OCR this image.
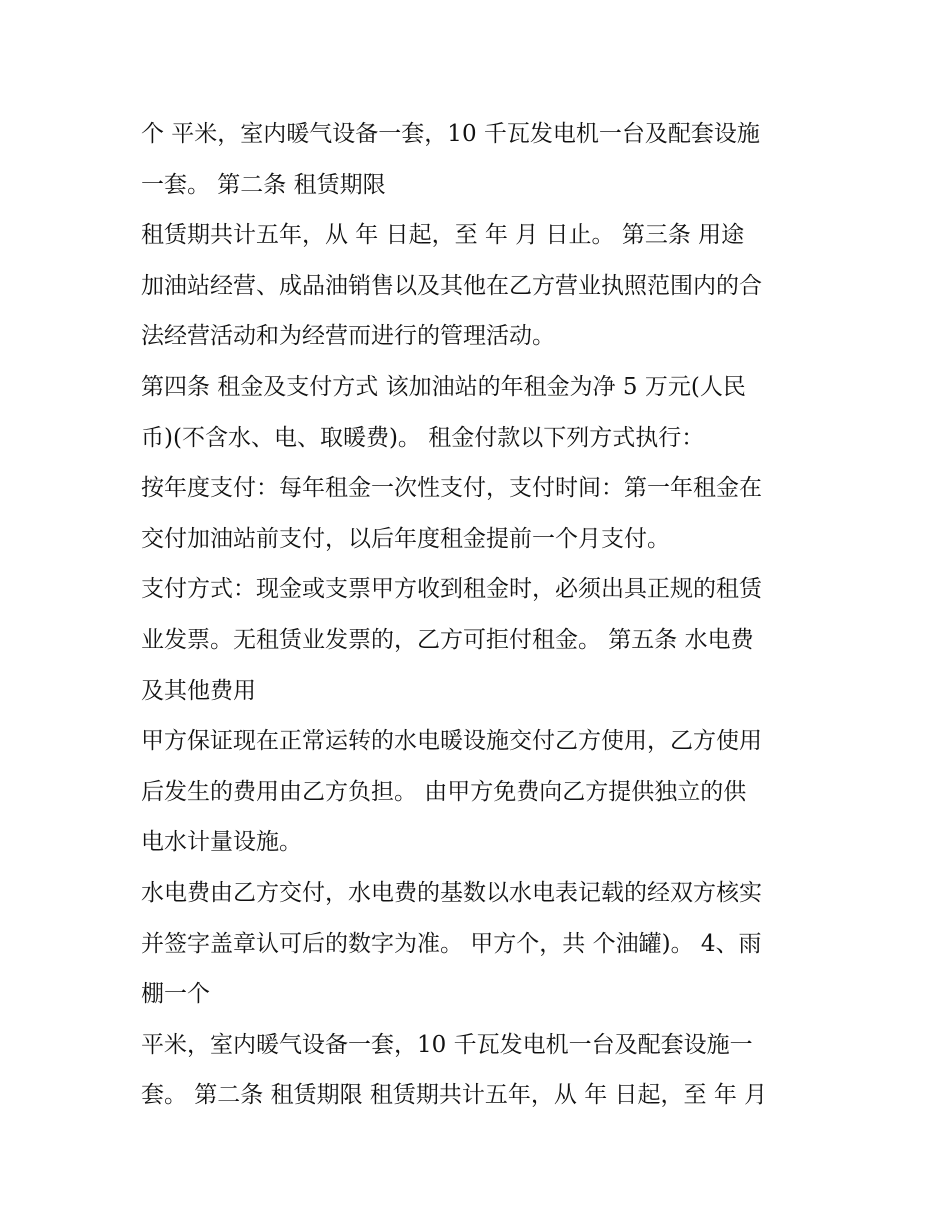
个 平米，室内暖气设备一套，10 千瓦发电机一台及配套设施
一套。 第二条 租赁期限
租赁期共计五年，从 年 日起，至 年 月 日止。 第三条 用途
加油站经营、成品油销售以及其他在乙方营业执照范围内的合
法经营活动和为经营而进行的管理活动。
第四条 租金及支付方式 该加油站的年租金为净 5 万元(人民
币)(不含水、电、取暖费)。 租金付款以下列方式执行：
按年度支付：每年租金一次性支付，支付时间：第一年租金在
交付加油站前支付，以后年度租金提前一个月支付。
支付方式：现金或支票甲方收到租金时，必须出具正规的租赁
业发票。无租赁业发票的，乙方可拒付租金。 第五条 水电费
及其他费用
甲方保证现在正常运转的水电暖设施交付乙方使用，乙方使用
后发生的费用由乙方负担。 由甲方免费向乙方提供独立的供
电水计量设施。
水电费由乙方交付，水电费的基数以水电表记载的经双方核实
并签字盖章认可后的数字为准。 甲方个，共 个油罐)。 4、雨
棚一个
平米，室内暖气设备一套，10 千瓦发电机一台及配套设施一
套。 第二条 租赁期限 租赁期共计五年，从 年 日起，至 年 月
